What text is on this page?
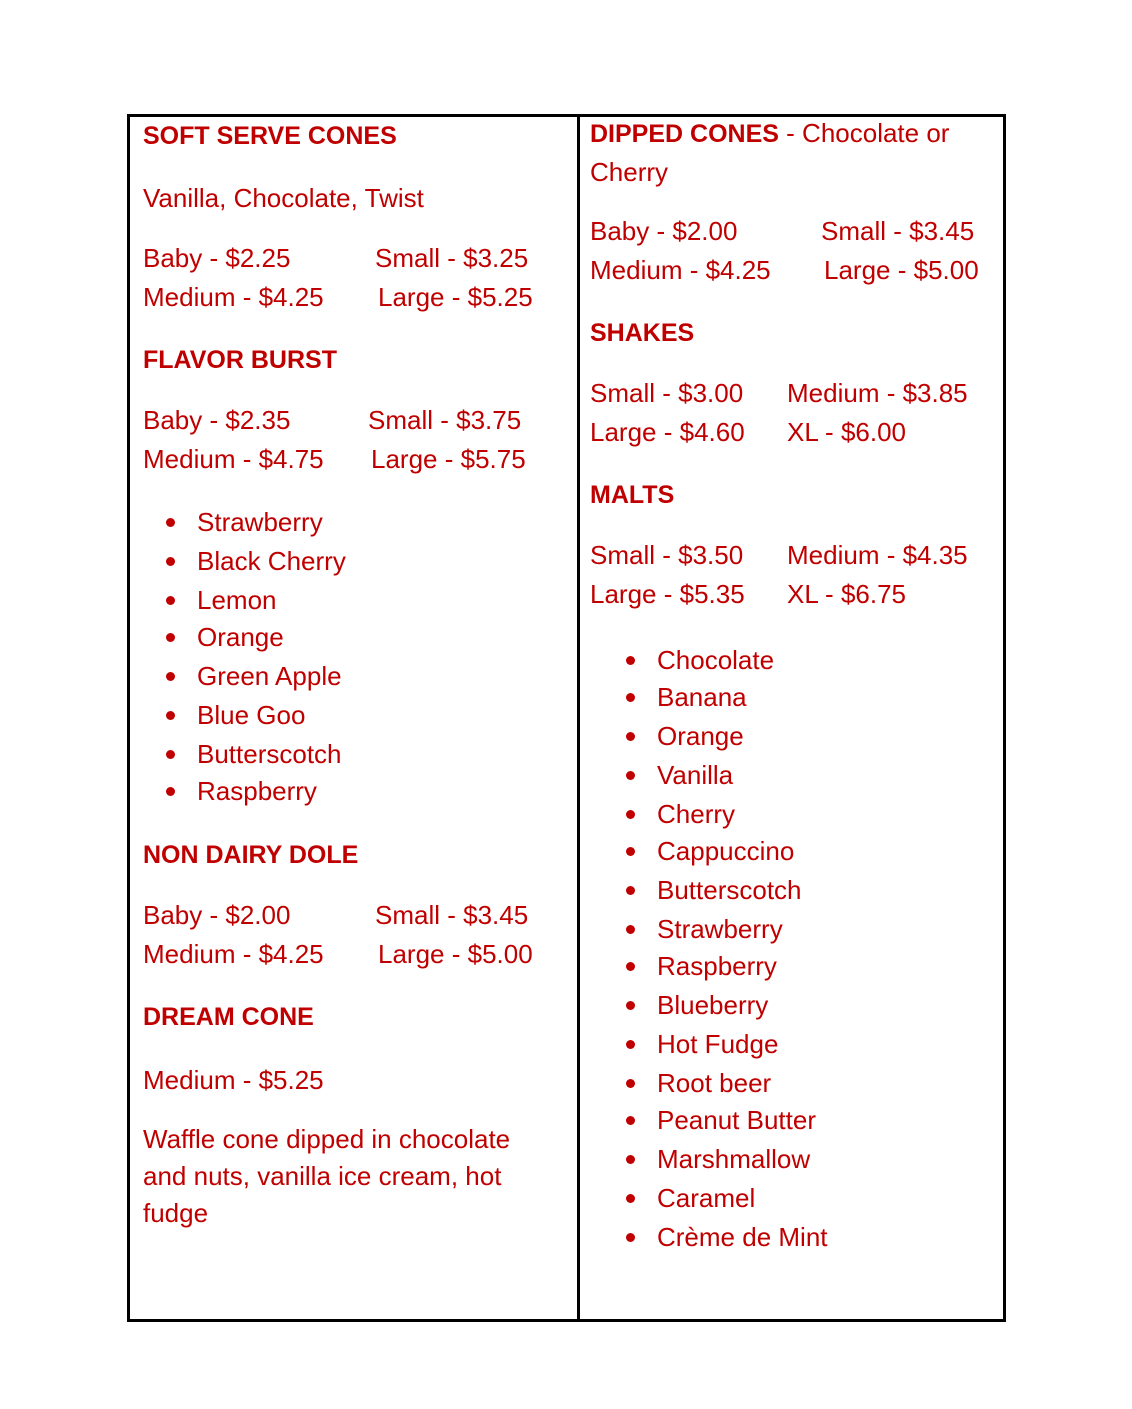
SOFT SERVE CONES
Vanilla, Chocolate, Twist
Baby - $2.25	Small - $3.25
Medium - $4.25 Large - $5.25
FLAVOR BURST
Baby - $2.35	Small - $3.75
Medium - $4.75 Large - $5.75
Strawberry
Black Cherry
Lemon
Orange
Green Apple
Blue Goo
Butterscotch
Raspberry
NON DAIRY DOLE
Baby - $2.00	Small - $3.45
Medium - $4.25 Large - $5.00
DREAM CONE
Medium - $5.25
Waffle cone dipped in chocolate and nuts, vanilla ice cream, hot fudge
DIPPED CONES - Chocolate or
Cherry
Baby - $2.00	Small - $3.45
Medium - $4.25 Large - $5.00
SHAKES
Small - $3.00 Medium - $3.85
Large - $4.60 XL - $6.00
MALTS
Small - $3.50 Medium - $4.35
Large - $5.35 XL - $6.75
Chocolate
Banana
Orange
Vanilla
Cherry
Cappuccino
Butterscotch
Strawberry
Raspberry
Blueberry
Hot Fudge
Root beer
Peanut Butter
Marshmallow
Caramel
Crème de Mint
